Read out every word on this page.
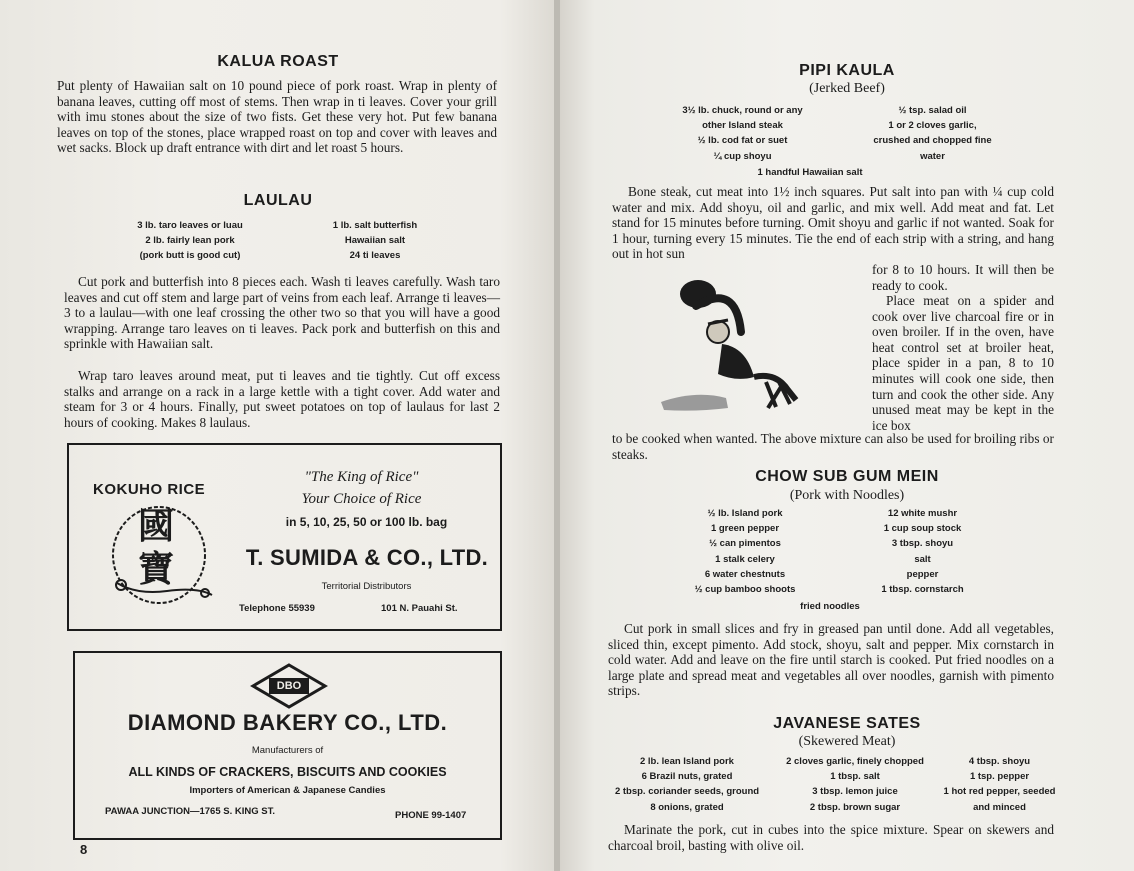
KALUA ROAST

Put plenty of Hawaiian salt on 10 pound piece of pork roast. Wrap in plenty of banana leaves, cutting off most of stems. Then wrap in ti leaves. Cover your grill with imu stones about the size of two fists. Get these very hot. Put few banana leaves on top of the stones, place wrapped roast on top and cover with leaves and wet sacks. Block up draft entrance with dirt and let roast 5 hours.

LAULAU
3 lb. taro leaves or luau
2 lb. fairly lean pork
(pork butt is good cut)
1 lb. salt butterfish
Hawaiian salt
24 ti leaves

Cut pork and butterfish into 8 pieces each. Wash ti leaves carefully. Wash taro leaves and cut off stem and large part of veins from each leaf. Arrange ti leaves—3 to a laulau—with one leaf crossing the other two so that you will have a good wrapping. Arrange taro leaves on ti leaves. Pack pork and butterfish on this and sprinkle with Hawaiian salt.

Wrap taro leaves around meat, put ti leaves and tie tightly. Cut off excess stalks and arrange on a rack in a large kettle with a tight cover. Add water and steam for 3 or 4 hours. Finally, put sweet potatoes on top of laulaus for last 2 hours of cooking. Makes 8 laulaus.

KOKUHO RICE
國
寶
"The King of Rice"
Your Choice of Rice
in 5, 10, 25, 50 or 100 lb. bag
T. SUMIDA & CO., LTD.
Territorial Distributors
Telephone 55939	101 N. Pauahi St.
DBO
DIAMOND BAKERY CO., LTD.
Manufacturers of
ALL KINDS OF CRACKERS, BISCUITS AND COOKIES
Importers of American & Japanese Candies
PAWAA JUNCTION—1765 S. KING ST.	PHONE 99-1407
8
PIPI KAULA
(Jerked Beef)
3½ lb. chuck, round or any
other Island steak
½ lb. cod fat or suet
¼ cup shoyu
½ tsp. salad oil
1 or 2 cloves garlic,
crushed and chopped fine
water
1 handful Hawaiian salt

Bone steak, cut meat into 1½ inch squares. Put salt into pan with ¼ cup cold water and mix. Add shoyu, oil and garlic, and mix well. Add meat and fat. Let stand for 15 minutes before turning. Omit shoyu and garlic if not wanted. Soak for 1 hour, turning every 15 minutes. Tie the end of each strip with a string, and hang out in hot sun

for 8 to 10 hours. It will then be ready to cook.

Place meat on a spider and cook over live charcoal fire or in oven broiler. If in the oven, have heat control set at broiler heat, place spider in a pan, 8 to 10 minutes will cook one side, then turn and cook the other side. Any unused meat may be kept in the ice box

to be cooked when wanted. The above mixture can also be used for broiling ribs or steaks.

CHOW SUB GUM MEIN
(Pork with Noodles)
½ lb. Island pork
1 green pepper
½ can pimentos
1 stalk celery
6 water chestnuts
½ cup bamboo shoots
12 white mushr
1 cup soup stock
3 tbsp. shoyu
salt
pepper
1 tbsp. cornstarch
fried noodles

Cut pork in small slices and fry in greased pan until done. Add all vegetables, sliced thin, except pimento. Add stock, shoyu, salt and pepper. Mix cornstarch in cold water. Add and leave on the fire until starch is cooked. Put fried noodles on a large plate and spread meat and vegetables all over noodles, garnish with pimento strips.

JAVANESE SATES
(Skewered Meat)
2 lb. lean Island pork
6 Brazil nuts, grated
2 tbsp. coriander seeds, ground
8 onions, grated
2 cloves garlic, finely chopped
1 tbsp. salt
3 tbsp. lemon juice
2 tbsp. brown sugar
4 tbsp. shoyu
1 tsp. pepper
1 hot red pepper, seeded
and minced

Marinate the pork, cut in cubes into the spice mixture. Spear on skewers and charcoal broil, basting with olive oil.
